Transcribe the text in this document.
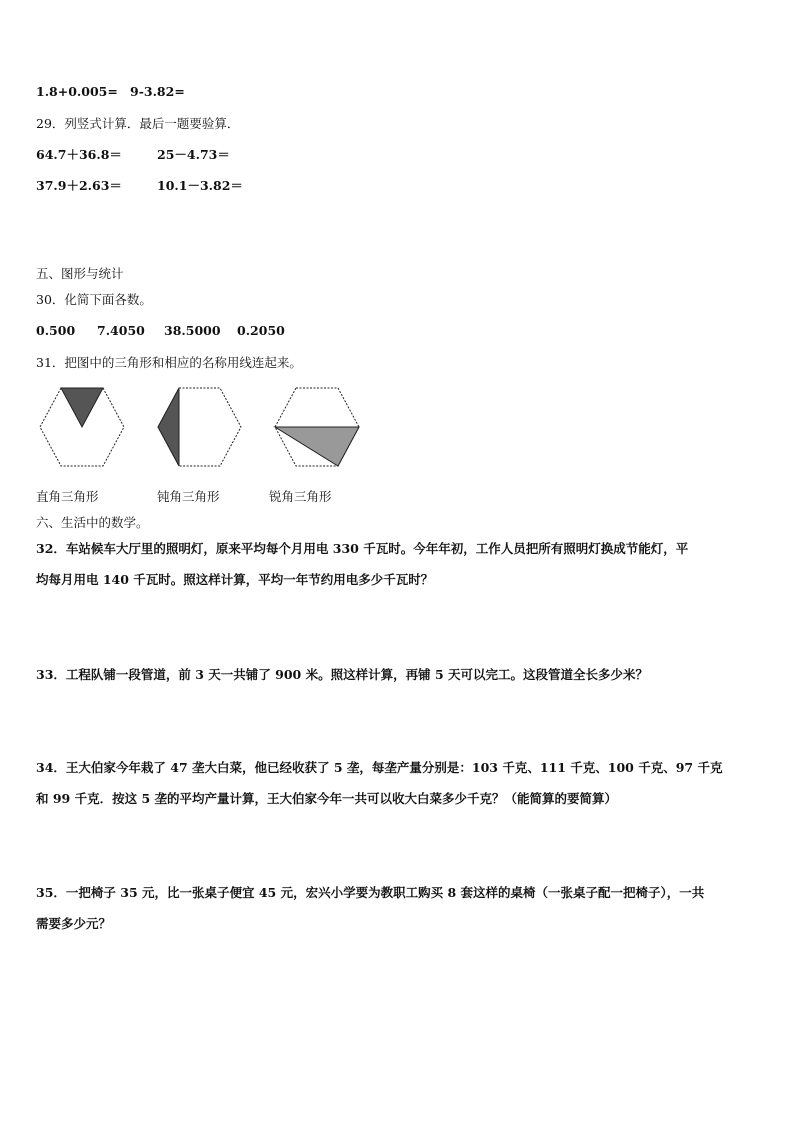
1.8+0.005= 9-3.82=
29．列竖式计算．最后一题要验算．
64.7＋36.8＝	25－4.73＝
37.9＋2.63＝	10.1－3.82＝
五、图形与统计
30．化简下面各数。
0.500 7.4050 38.5000 0.2050
31．把图中的三角形和相应的名称用线连起来。
直角三角形	钝角三角形	锐角三角形
六、生活中的数学。
32．车站候车大厅里的照明灯，原来平均每个月用电 330 千瓦时。今年年初，工作人员把所有照明灯换成节能灯，平
均每月用电 140 千瓦时。照这样计算，平均一年节约用电多少千瓦时？
33．工程队铺一段管道，前 3 天一共铺了 900 米。照这样计算，再铺 5 天可以完工。这段管道全长多少米？
34．王大伯家今年栽了 47 垄大白菜，他已经收获了 5 垄，每垄产量分别是：103 千克、111 千克、100 千克、97 千克
和 99 千克．按这 5 垄的平均产量计算，王大伯家今年一共可以收大白菜多少千克？（能简算的要简算）
35．一把椅子 35 元，比一张桌子便宜 45 元，宏兴小学要为教职工购买 8 套这样的桌椅（一张桌子配一把椅子），一共
需要多少元？
